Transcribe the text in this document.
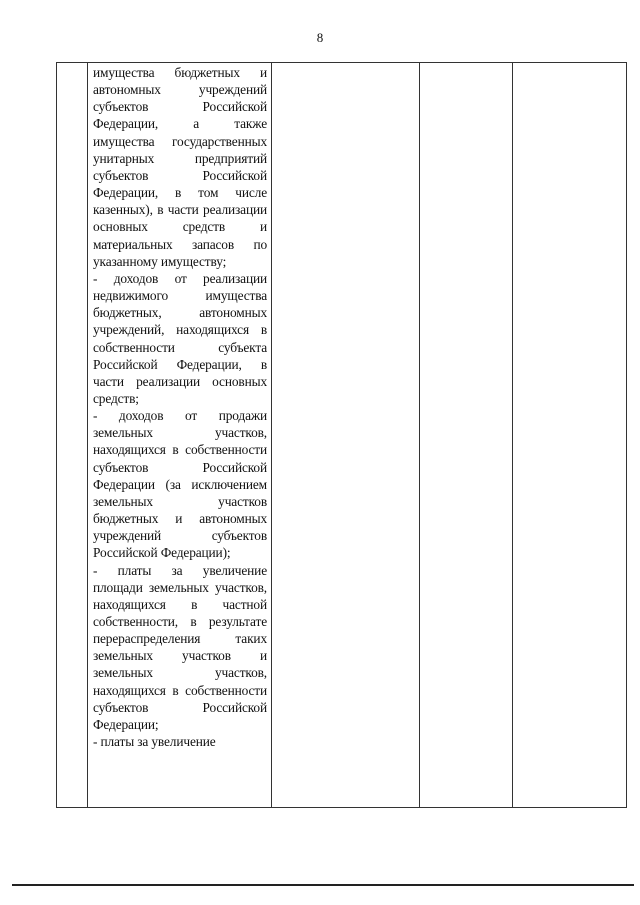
8

имущества бюджетных и автономных учреждений субъектов Российской Федерации, а также имущества государственных унитарных предприятий субъектов Российской Федерации, в том числе казенных), в части реализации основных средств и материальных запасов по указанному имуществу;

- доходов от реализации недвижимого имущества бюджетных, автономных учреждений, находящихся в собственности субъекта Российской Федерации, в части реализации основных средств;

- доходов от продажи земельных участков, находящихся в собственности субъектов Российской Федерации (за исключением земельных участков бюджетных и автономных учреждений субъектов Российской Федерации);

- платы за увеличение площади земельных участков, находящихся в частной собственности, в результате перераспределения таких земельных участков и земельных участков, находящихся в собственности субъектов Российской Федерации;

- платы за увеличение
